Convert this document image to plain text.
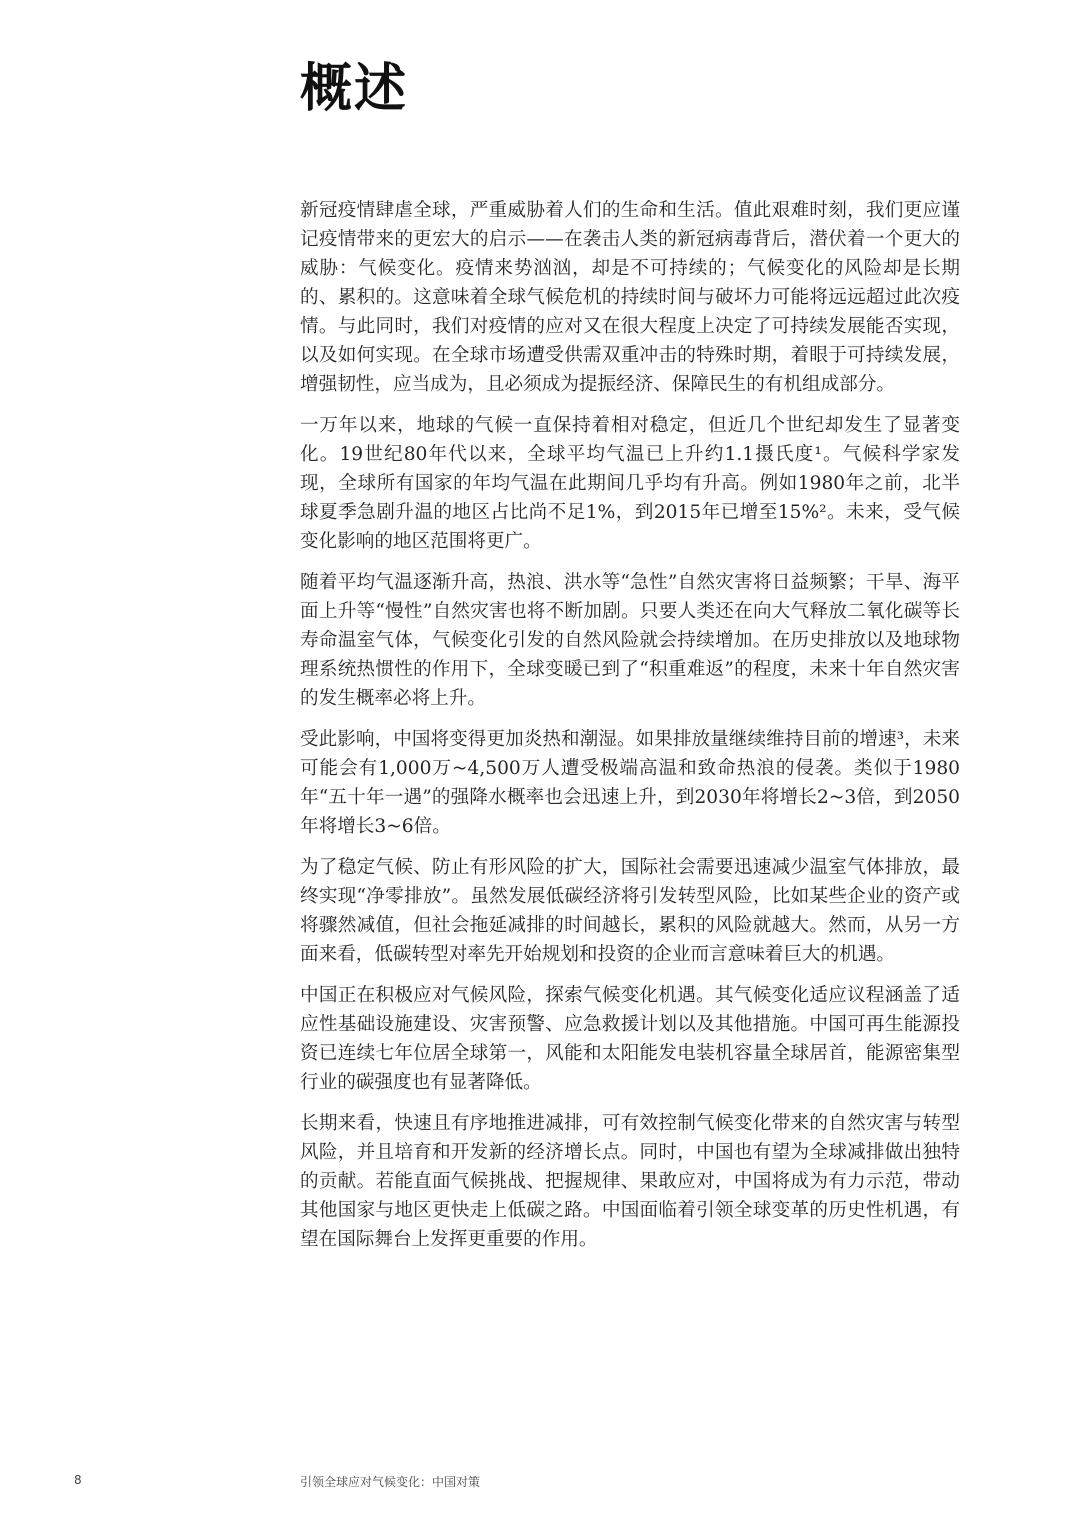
概述

新冠疫情肆虐全球，严重威胁着人们的生命和生活。值此艰难时刻，我们更应谨记疫情带来的更宏大的启示——在袭击人类的新冠病毒背后，潜伏着一个更大的威胁：气候变化。疫情来势汹汹，却是不可持续的；气候变化的风险却是长期的、累积的。这意味着全球气候危机的持续时间与破坏力可能将远远超过此次疫情。与此同时，我们对疫情的应对又在很大程度上决定了可持续发展能否实现，以及如何实现。在全球市场遭受供需双重冲击的特殊时期，着眼于可持续发展，增强韧性，应当成为，且必须成为提振经济、保障民生的有机组成部分。

一万年以来，地球的气候一直保持着相对稳定，但近几个世纪却发生了显著变化。19世纪80年代以来，全球平均气温已上升约1.1摄氏度¹。气候科学家发现，全球所有国家的年均气温在此期间几乎均有升高。例如1980年之前，北半球夏季急剧升温的地区占比尚不足1%，到2015年已增至15%²。未来，受气候变化影响的地区范围将更广。

随着平均气温逐渐升高，热浪、洪水等“急性”自然灾害将日益频繁；干旱、海平面上升等“慢性”自然灾害也将不断加剧。只要人类还在向大气释放二氧化碳等长寿命温室气体，气候变化引发的自然风险就会持续增加。在历史排放以及地球物理系统热惯性的作用下，全球变暖已到了“积重难返”的程度，未来十年自然灾害的发生概率必将上升。

受此影响，中国将变得更加炎热和潮湿。如果排放量继续维持目前的增速³，未来可能会有1,000万~4,500万人遭受极端高温和致命热浪的侵袭。类似于1980年“五十年一遇”的强降水概率也会迅速上升，到2030年将增长2~3倍，到2050年将增长3~6倍。

为了稳定气候、防止有形风险的扩大，国际社会需要迅速减少温室气体排放，最终实现“净零排放”。虽然发展低碳经济将引发转型风险，比如某些企业的资产或将骤然减值，但社会拖延减排的时间越长，累积的风险就越大。然而，从另一方面来看，低碳转型对率先开始规划和投资的企业而言意味着巨大的机遇。

中国正在积极应对气候风险，探索气候变化机遇。其气候变化适应议程涵盖了适应性基础设施建设、灾害预警、应急救援计划以及其他措施。中国可再生能源投资已连续七年位居全球第一，风能和太阳能发电装机容量全球居首，能源密集型行业的碳强度也有显著降低。

长期来看，快速且有序地推进减排，可有效控制气候变化带来的自然灾害与转型风险，并且培育和开发新的经济增长点。同时，中国也有望为全球减排做出独特的贡献。若能直面气候挑战、把握规律、果敢应对，中国将成为有力示范，带动其他国家与地区更快走上低碳之路。中国面临着引领全球变革的历史性机遇，有望在国际舞台上发挥更重要的作用。

8	引领全球应对气候变化：中国对策
